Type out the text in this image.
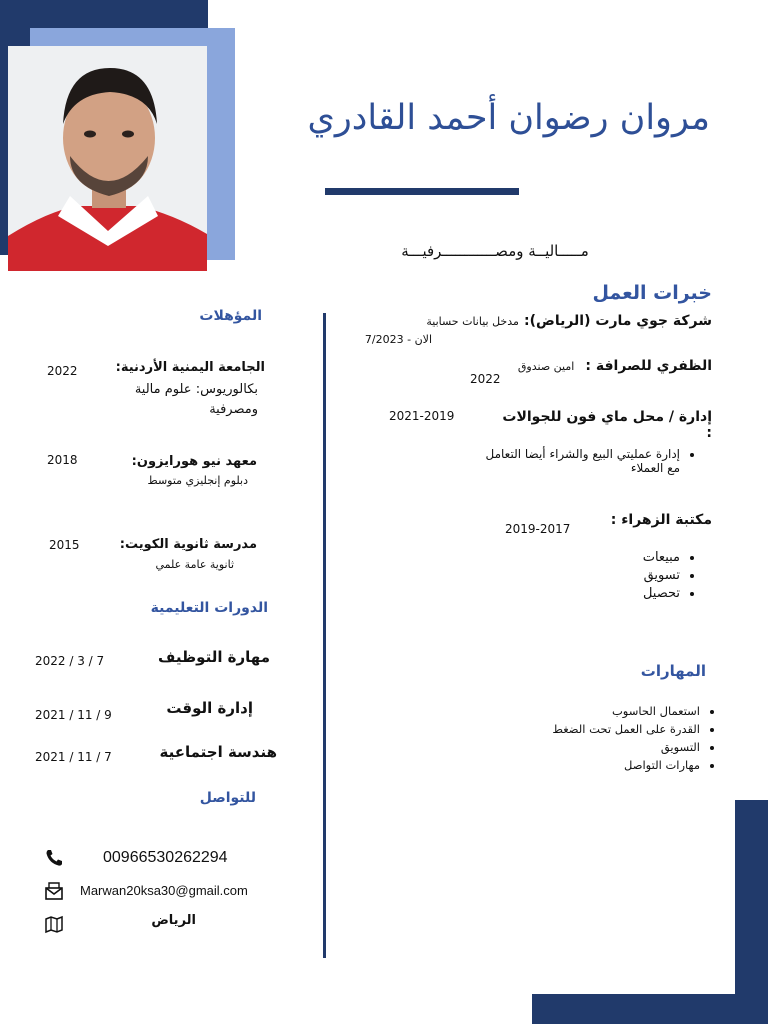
مروان رضوان أحمد القادري
مـــــاليــة ومصــــــــــــرفيـــة
خبرات العمل
شركة جوي مارت (الرياض): مدخل بيانات حسابية
الان - 7/2023
الظفري للصرافة : امين صندوق
2022
إدارة / محل ماي فون للجوالات :
2021-2019
• إدارة عمليتي البيع والشراء أيضا التعامل مع العملاء
مكتبة الزهراء :
2019-2017
• مبيعات
• تسويق
• تحصيل
المهارات
• استعمال الحاسوب
• القدرة على العمل تحت الضغط
• التسويق
• مهارات التواصل
المؤهلات
الجامعة اليمنية الأردنية:
بكالوريوس: علوم مالية ومصرفية
2022
معهد نيو هورايزون:
دبلوم إنجليزي متوسط
2018
مدرسة ثانوية الكويت:
ثانوية عامة علمي
2015
الدورات التعليمية
مهارة التوظيف
2022 / 3 / 7
إدارة الوقت
2021 / 11 / 9
هندسة اجتماعية
2021 / 11 / 7
للتواصل
00966530262294
Marwan20ksa30@gmail.com
الرياض
